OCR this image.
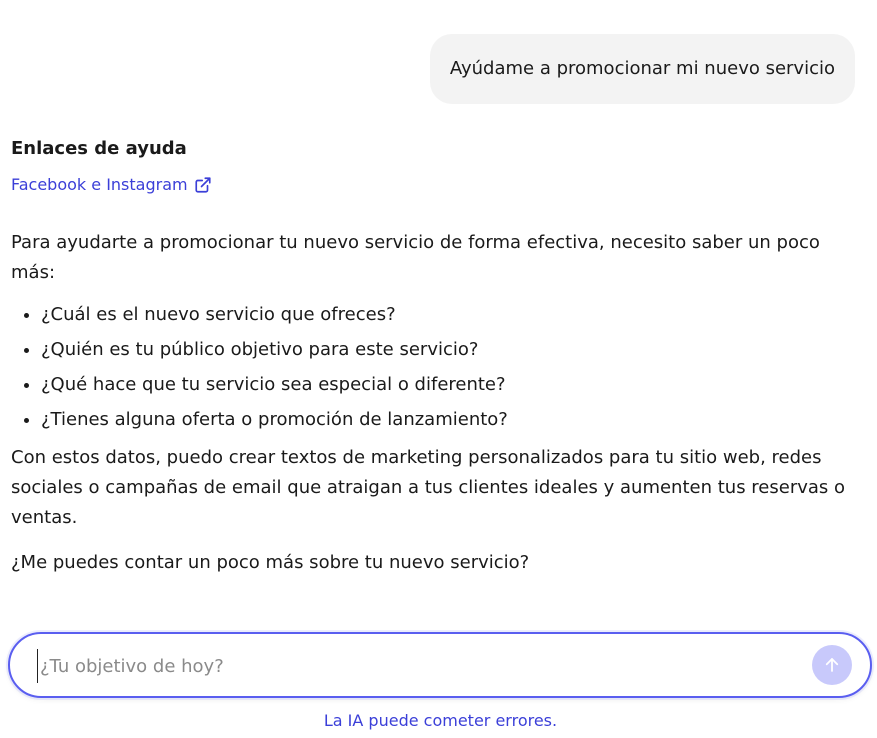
Ayúdame a promocionar mi nuevo servicio
Enlaces de ayuda
Facebook e Instagram

Para ayudarte a promocionar tu nuevo servicio de forma efectiva, necesito saber un poco más:

• ¿Cuál es el nuevo servicio que ofreces?
• ¿Quién es tu público objetivo para este servicio?
• ¿Qué hace que tu servicio sea especial o diferente?
• ¿Tienes alguna oferta o promoción de lanzamiento?

Con estos datos, puedo crear textos de marketing personalizados para tu sitio web, redes sociales o campañas de email que atraigan a tus clientes ideales y aumenten tus reservas o ventas.

¿Me puedes contar un poco más sobre tu nuevo servicio?

¿Tu objetivo de hoy?
La IA puede cometer errores.
